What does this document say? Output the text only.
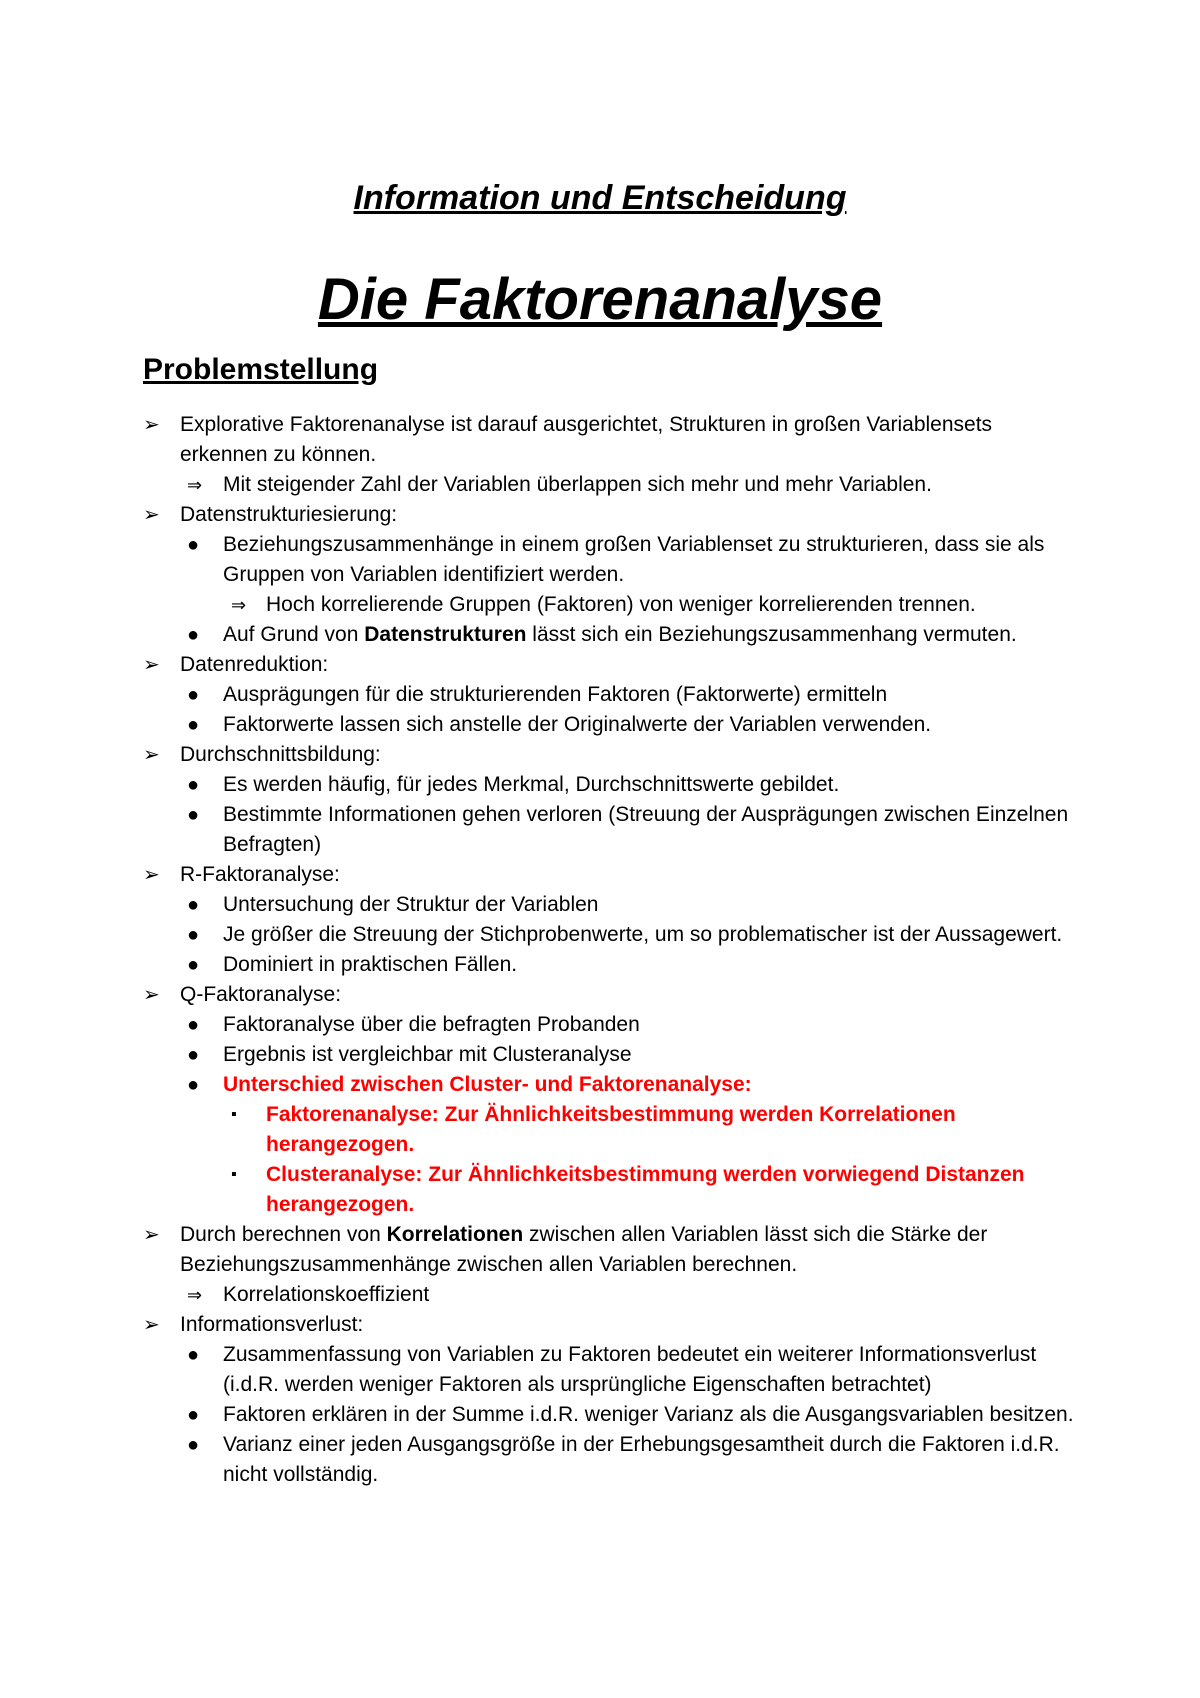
Information und Entscheidung
Die Faktorenanalyse
Problemstellung
➢ Explorative Faktorenanalyse ist darauf ausgerichtet, Strukturen in großen Variablensets erkennen zu können.
⇒ Mit steigender Zahl der Variablen überlappen sich mehr und mehr Variablen.
➢ Datenstrukturiesierung:
● Beziehungszusammenhänge in einem großen Variablenset zu strukturieren, dass sie als Gruppen von Variablen identifiziert werden.
⇒ Hoch korrelierende Gruppen (Faktoren) von weniger korrelierenden trennen.
● Auf Grund von Datenstrukturen lässt sich ein Beziehungszusammenhang vermuten.
➢ Datenreduktion:
● Ausprägungen für die strukturierenden Faktoren (Faktorwerte) ermitteln
● Faktorwerte lassen sich anstelle der Originalwerte der Variablen verwenden.
➢ Durchschnittsbildung:
● Es werden häufig, für jedes Merkmal, Durchschnittswerte gebildet.
● Bestimmte Informationen gehen verloren (Streuung der Ausprägungen zwischen Einzelnen Befragten)
➢ R-Faktoranalyse:
● Untersuchung der Struktur der Variablen
● Je größer die Streuung der Stichprobenwerte, um so problematischer ist der Aussagewert.
● Dominiert in praktischen Fällen.
➢ Q-Faktoranalyse:
● Faktoranalyse über die befragten Probanden
● Ergebnis ist vergleichbar mit Clusteranalyse
● Unterschied zwischen Cluster- und Faktorenanalyse:
▪ Faktorenanalyse: Zur Ähnlichkeitsbestimmung werden Korrelationen herangezogen.
▪ Clusteranalyse: Zur Ähnlichkeitsbestimmung werden vorwiegend Distanzen herangezogen.
➢ Durch berechnen von Korrelationen zwischen allen Variablen lässt sich die Stärke der Beziehungszusammenhänge zwischen allen Variablen berechnen.
⇒ Korrelationskoeffizient
➢ Informationsverlust:
● Zusammenfassung von Variablen zu Faktoren bedeutet ein weiterer Informationsverlust (i.d.R. werden weniger Faktoren als ursprüngliche Eigenschaften betrachtet)
● Faktoren erklären in der Summe i.d.R. weniger Varianz als die Ausgangsvariablen besitzen.
● Varianz einer jeden Ausgangsgröße in der Erhebungsgesamtheit durch die Faktoren i.d.R. nicht vollständig.
